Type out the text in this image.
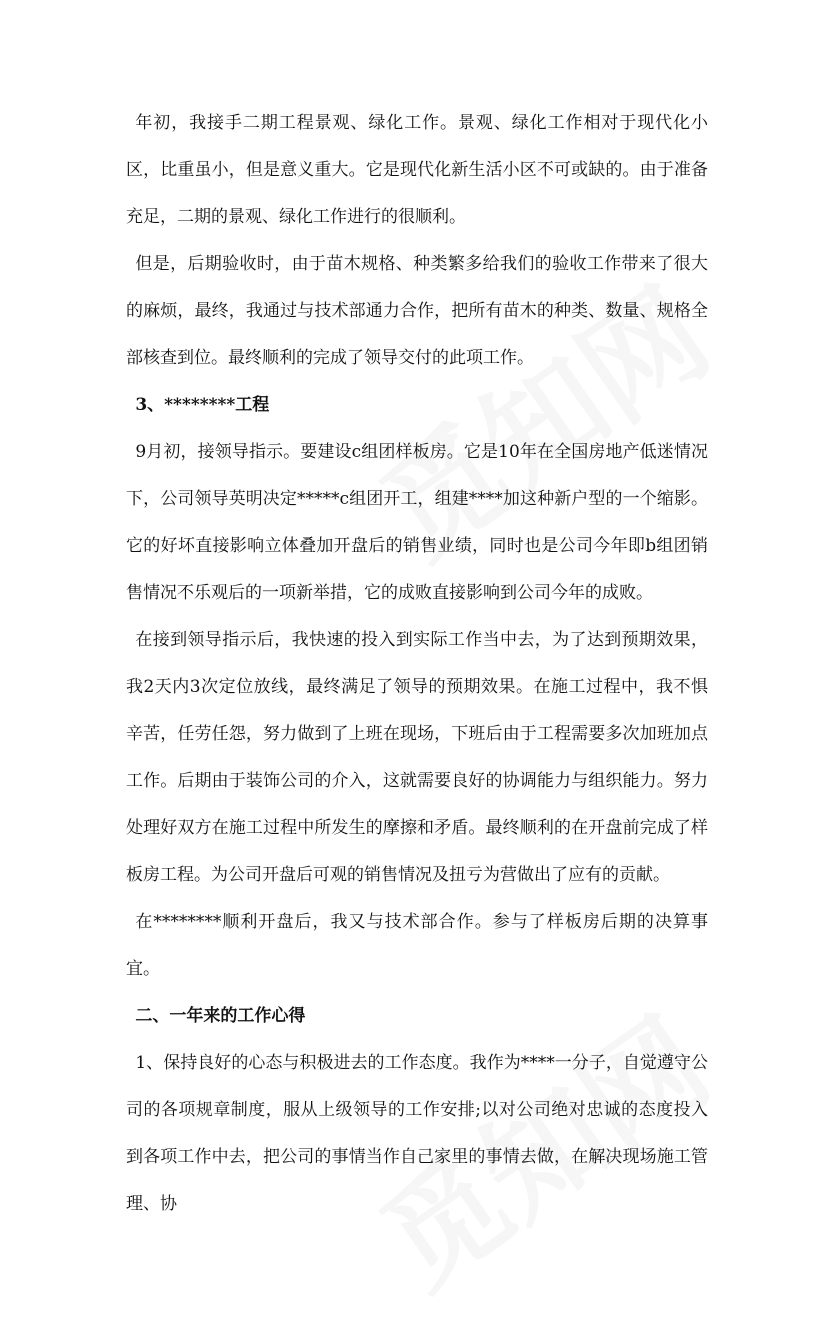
年初，我接手二期工程景观、绿化工作。景观、绿化工作相对于现代化小区，比重虽小，但是意义重大。它是现代化新生活小区不可或缺的。由于准备充足，二期的景观、绿化工作进行的很顺利。

但是，后期验收时，由于苗木规格、种类繁多给我们的验收工作带来了很大的麻烦，最终，我通过与技术部通力合作，把所有苗木的种类、数量、规格全部核查到位。最终顺利的完成了领导交付的此项工作。

3、********工程

9月初，接领导指示。要建设c组团样板房。它是10年在全国房地产低迷情况下，公司领导英明决定*****c组团开工，组建****加这种新户型的一个缩影。它的好坏直接影响立体叠加开盘后的销售业绩，同时也是公司今年即b组团销售情况不乐观后的一项新举措，它的成败直接影响到公司今年的成败。

在接到领导指示后，我快速的投入到实际工作当中去，为了达到预期效果，我2天内3次定位放线，最终满足了领导的预期效果。在施工过程中，我不惧辛苦，任劳任怨，努力做到了上班在现场，下班后由于工程需要多次加班加点工作。后期由于装饰公司的介入，这就需要良好的协调能力与组织能力。努力处理好双方在施工过程中所发生的摩擦和矛盾。最终顺利的在开盘前完成了样板房工程。为公司开盘后可观的销售情况及扭亏为营做出了应有的贡献。

在********顺利开盘后，我又与技术部合作。参与了样板房后期的决算事宜。

二、一年来的工作心得

1、保持良好的心态与积极进去的工作态度。我作为****一分子，自觉遵守公司的各项规章制度，服从上级领导的工作安排;以对公司绝对忠诚的态度投入到各项工作中去，把公司的事情当作自己家里的事情去做，在解决现场施工管理、协
